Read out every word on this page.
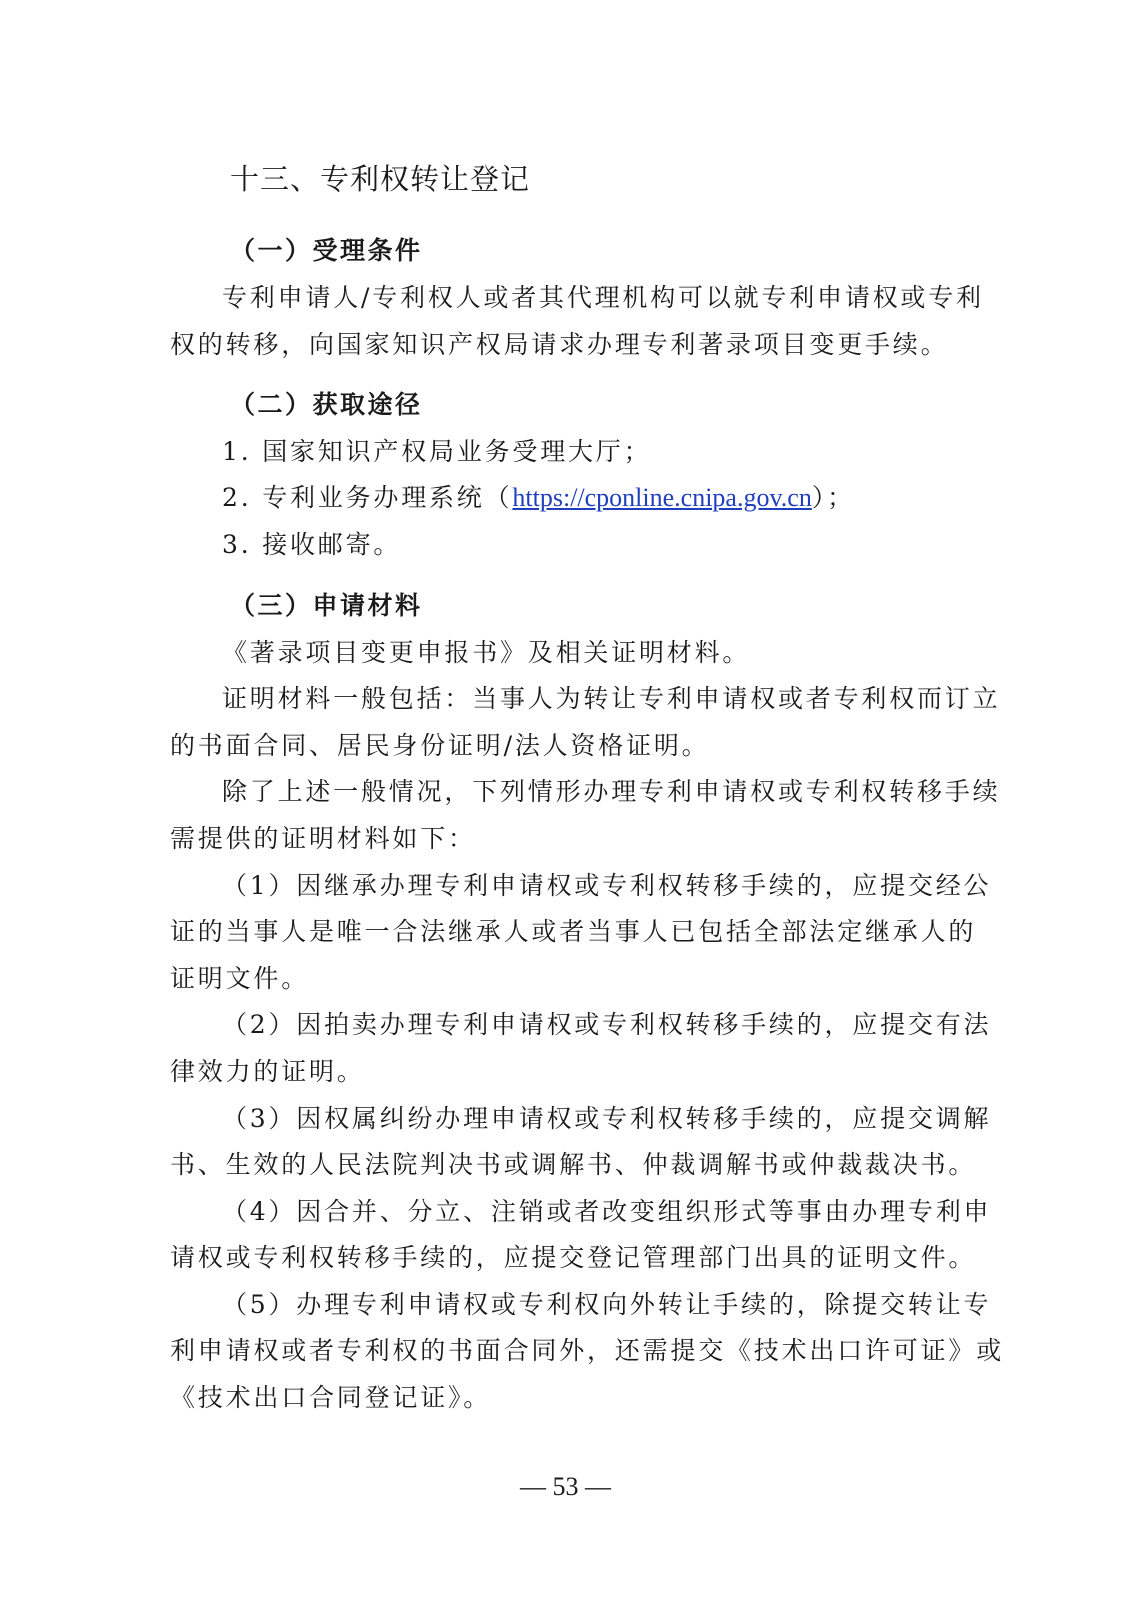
十三、专利权转让登记
（一）受理条件
专利申请人/专利权人或者其代理机构可以就专利申请权或专利
权的转移，向国家知识产权局请求办理专利著录项目变更手续。
（二）获取途径
1. 国家知识产权局业务受理大厅；
2. 专利业务办理系统（https://cponline.cnipa.gov.cn）；
3. 接收邮寄。
（三）申请材料
《著录项目变更申报书》及相关证明材料。
证明材料一般包括：当事人为转让专利申请权或者专利权而订立
的书面合同、居民身份证明/法人资格证明。
除了上述一般情况，下列情形办理专利申请权或专利权转移手续
需提供的证明材料如下：
（1）因继承办理专利申请权或专利权转移手续的，应提交经公
证的当事人是唯一合法继承人或者当事人已包括全部法定继承人的
证明文件。
（2）因拍卖办理专利申请权或专利权转移手续的，应提交有法
律效力的证明。
（3）因权属纠纷办理申请权或专利权转移手续的，应提交调解
书、生效的人民法院判决书或调解书、仲裁调解书或仲裁裁决书。
（4）因合并、分立、注销或者改变组织形式等事由办理专利申
请权或专利权转移手续的，应提交登记管理部门出具的证明文件。
（5）办理专利申请权或专利权向外转让手续的，除提交转让专
利申请权或者专利权的书面合同外，还需提交《技术出口许可证》或
《技术出口合同登记证》。
— 53 —
